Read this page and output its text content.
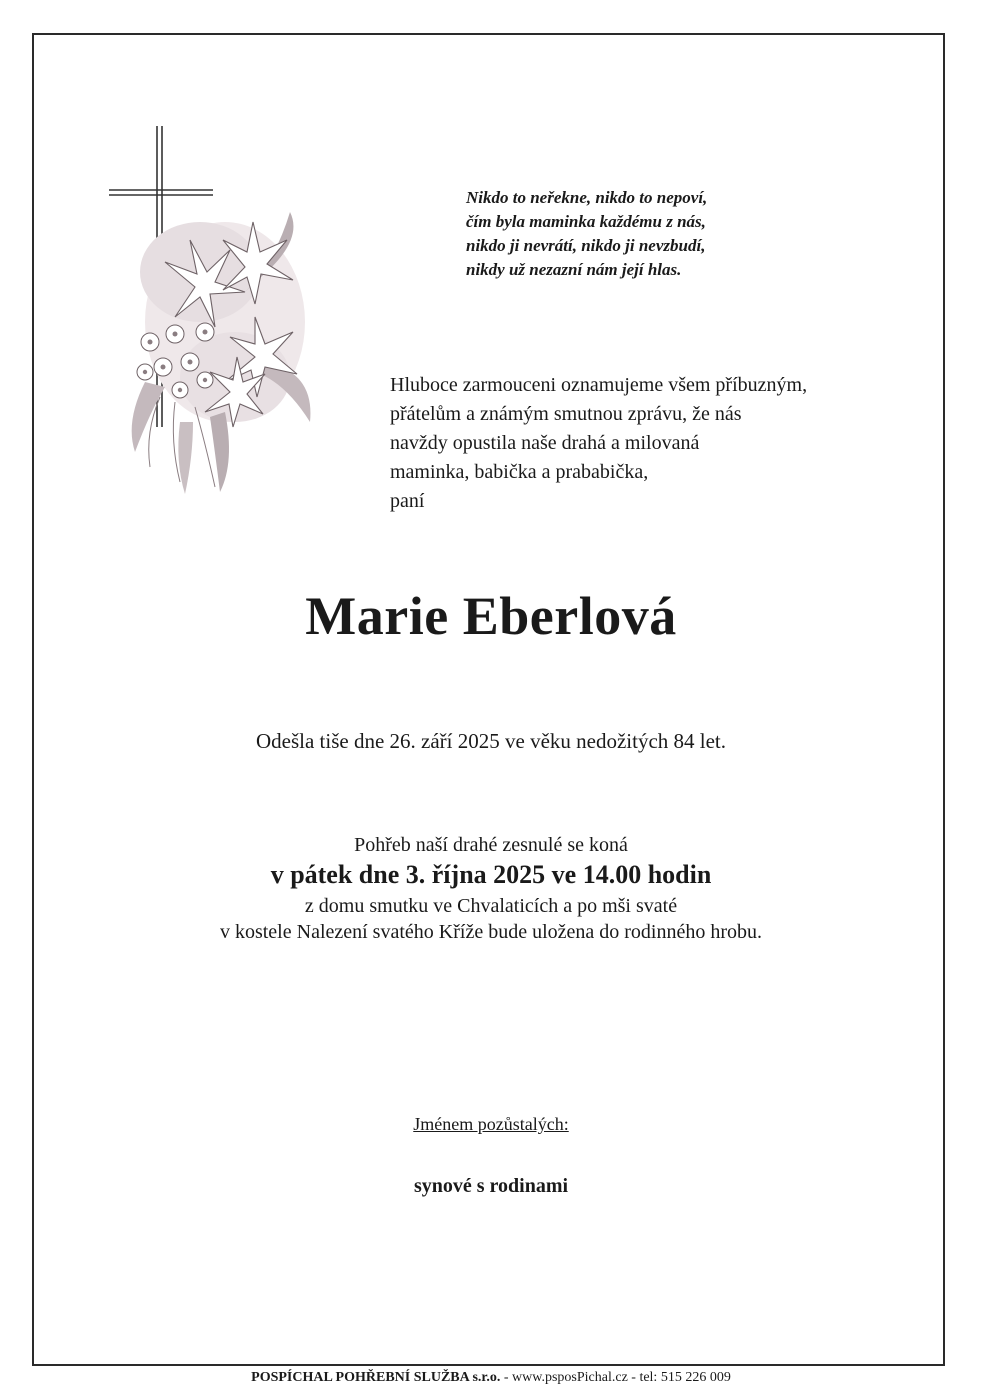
Nikdo to neřekne, nikdo to nepoví,
čím byla maminka každému z nás,
nikdo ji nevrátí, nikdo ji nevzbudí,
nikdy už nezazní nám její hlas.
Hluboce zarmouceni oznamujeme všem příbuzným,
přátelům a známým smutnou zprávu, že nás
navždy opustila naše drahá a milovaná
maminka, babička a prababička,
paní
Marie Eberlová
Odešla tiše dne 26. září 2025 ve věku nedožitých 84 let.
Pohřeb naší drahé zesnulé se koná
v pátek dne 3. října 2025 ve 14.00 hodin
z domu smutku ve Chvalaticích a po mši svaté
v kostele Nalezení svatého Kříže bude uložena do rodinného hrobu.
Jménem pozůstalých:
synové s rodinami
POSPÍCHAL POHŘEBNÍ SLUŽBA s.r.o. - www.psposPichal.cz - tel: 515 226 009
